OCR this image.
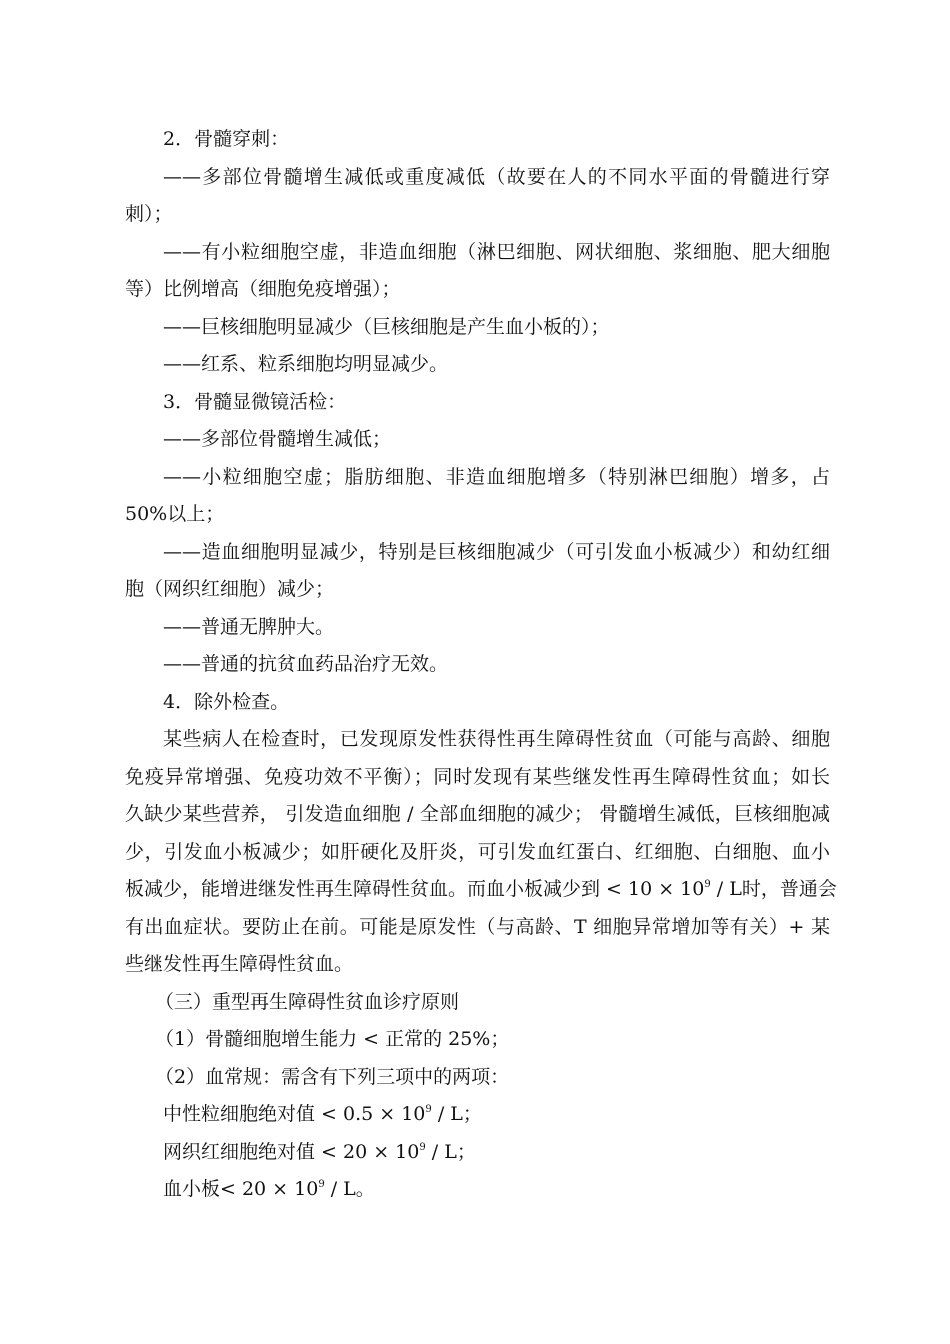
2．骨髓穿刺：
——多部位骨髓增生减低或重度减低（故要在人的不同水平面的骨髓进行穿
刺）；
——有小粒细胞空虚，非造血细胞（淋巴细胞、网状细胞、浆细胞、肥大细胞
等）比例增高（细胞免疫增强）；
——巨核细胞明显减少（巨核细胞是产生血小板的）；
——红系、粒系细胞均明显减少。
3．骨髓显微镜活检：
——多部位骨髓增生减低；
——小粒细胞空虚；脂肪细胞、非造血细胞增多（特别淋巴细胞）增多，占
50%以上；
——造血细胞明显减少，特别是巨核细胞减少（可引发血小板减少）和幼红细
胞（网织红细胞）减少；
——普通无脾肿大。
——普通的抗贫血药品治疗无效。
4．除外检查。
某些病人在检查时，已发现原发性获得性再生障碍性贫血（可能与高龄、细胞
免疫异常增强、免疫功效不平衡）；同时发现有某些继发性再生障碍性贫血；如长
久缺少某些营养， 引发造血细胞 / 全部血细胞的减少； 骨髓增生减低，巨核细胞减
少，引发血小板减少；如肝硬化及肝炎，可引发血红蛋白、红细胞、白细胞、血小
板减少，能增进继发性再生障碍性贫血。而血小板减少到 < $10 \times 10^9 / L$时，普通会
有出血症状。要防止在前。可能是原发性（与高龄、T 细胞异常增加等有关）+ 某
些继发性再生障碍性贫血。
（三）重型再生障碍性贫血诊疗原则
（1）骨髓细胞增生能力 < 正常的 25%；
（2）血常规：需含有下列三项中的两项：
中性粒细胞绝对值 < $0.5 \times 10^9 / L$；
网织红细胞绝对值 < $20 \times 10^9 / L$；
血小板< $20 \times 10^9 / L$。
